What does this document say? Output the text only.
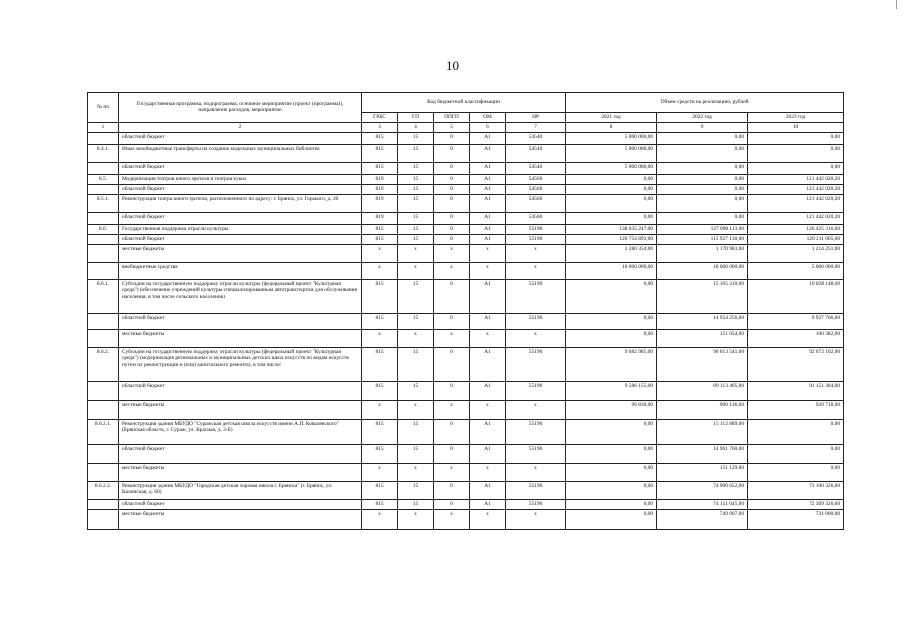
10
№ пп	Государственная программа, подпрограмма, основное мероприятие (проект (программа)), направление расходов, мероприятие	Код бюджетной классификации					Объем средств на реализацию, рублей		
		ГРБС	ГП	ППГП	ОМ	НР	2021 год	2022 год	2023 год
1	2	3	4	5	6	7	8	9	10
	областной бюджет	815	15	0	A1	54540	5 000 000,00	0,00	0,00
8.4.1.	Иные межбюджетные трансферты на создание модельных муниципальных библиотек	815	15	0	A1	54540	5 000 000,00	0,00	0,00
	областной бюджет	815	15	0	A1	54540	5 000 000,00	0,00	0,00
8.5.	Модернизация театров юного зрителя и театров кукол	819	15	0	A1	54560	0,00	0,00	121 442 020,20
	областной бюджет	819	15	0	A1	54560	0,00	0,00	121 442 020,20
8.5.1.	Реконструкция театра юного зрителя, расположенного по адресу: г. Брянск, ул. Горького, д. 20	819	15	0	A1	54560	0,00	0,00	121 442 020,20
	областной бюджет	819	15	0	A1	54560	0,00	0,00	121 442 020,20
8.6.	Государственная поддержка отрасли культуры	815	15	0	A1	55190	138 035 247,00	127 098 113,00	126 425 316,00
	областной бюджет	815	15	0	A1	55190	126 754 893,00	115 927 130,00	120 211 065,00
	местные бюджеты	х	х	х	х	х	1 280 354,00	1 170 983,00	1 214 251,00
	внебюджетные средства	х	х	х	х	х	10 000 000,00	10 000 000,00	5 000 000,00
8.6.1.	Субсидии на государственную поддержку отрасли культуры (федеральный проект "Культурная среда") (обеспечение учреждений культуры специализированным автотранспортом для обслуживания населения, в том числе сельского населения)	815	15	0	A1	55190	0,00	15 105 310,00	10 038 148,00
	областной бюджет	815	15	0	A1	55190	0,00	14 954 256,00	9 937 766,00
	местные бюджеты	х	х	х	х	х	0,00	151 054,00	100 382,00
8.6.2.	Субсидии на государственную поддержку отрасли культуры (федеральный проект "Культурная среда") (модернизация региональных и муниципальных детских школ искусств по видам искусств путем их реконструкции и (или) капитального ремонта), в том числе:	815	15	0	A1	55190	9 682 985,00	90 013 541,00	92 072 102,00
	областной бюджет	815	15	0	A1	55190	9 586 155,00	89 113 405,00	91 151 384,00
	местные бюджеты	х	х	х	х	х	96 830,00	900 136,00	920 718,00
8.6.2.1.	Реконструкция здания МБУДО "Суражская детская школа искусств имени А.П. Ковалевского" (Брянская область, г. Сураж, ул. Красная, д. 3-Б)	815	15	0	A1	55190	0,00	15 112 889,00	0,00
	областной бюджет	815	15	0	A1	55190	0,00	14 961 760,00	0,00
	местные бюджеты	х	х	х	х	х	0,00	151 129,00	0,00
8.6.2.2.	Реконструкция здания МБУДО "Городская детская хоровая школа г. Брянска" (г. Брянск, ул. Калинская, д. 60)	815	15	0	A1	55190	0,00	74 900 652,00	73 100 326,00
	областной бюджет	815	15	0	A1	55190	0,00	74 151 645,00	72 369 326,00
	местные бюджеты	х	х	х	х	х	0,00	749 007,00	731 000,00
